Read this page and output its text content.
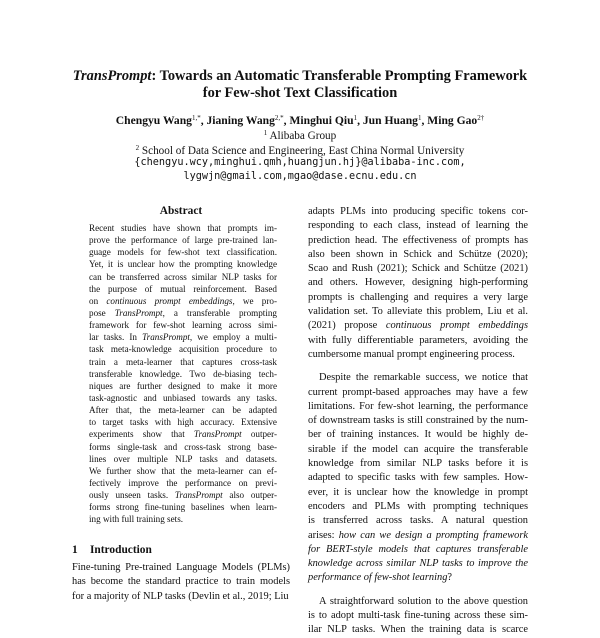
TransPrompt: Towards an Automatic Transferable Prompting Framework
for Few-shot Text Classification
Chengyu Wang$^{1,*}$, Jianing Wang$^{2,*}$, Minghui Qiu$^1$, Jun Huang$^1$, Ming Gao$^{2\dagger}$
$^1$ Alibaba Group
$^2$ School of Data Science and Engineering, East China Normal University
{chengyu.wcy,minghui.qmh,huangjun.hj}@alibaba-inc.com,
lygwjn@gmail.com,mgao@dase.ecnu.edu.cn

Abstract

Recent studies have shown that prompts im-
prove the performance of large pre-trained lan-
guage models for few-shot text classification.
Yet, it is unclear how the prompting knowledge
can be transferred across similar NLP tasks for
the purpose of mutual reinforcement. Based
on continuous prompt embeddings, we pro-
pose TransPrompt, a transferable prompting
framework for few-shot learning across simi-
lar tasks. In TransPrompt, we employ a multi-
task meta-knowledge acquisition procedure to
train a meta-learner that captures cross-task
transferable knowledge. Two de-biasing tech-
niques are further designed to make it more
task-agnostic and unbiased towards any tasks.
After that, the meta-learner can be adapted
to target tasks with high accuracy. Extensive
experiments show that TransPrompt outper-
forms single-task and cross-task strong base-
lines over multiple NLP tasks and datasets.
We further show that the meta-learner can ef-
fectively improve the performance on previ-
ously unseen tasks. TransPrompt also outper-
forms strong fine-tuning baselines when learn-
ing with full training sets.
1 Introduction
Fine-tuning Pre-trained Language Models (PLMs)
has become the standard practice to train models
for a majority of NLP tasks (Devlin et al., 2019; Liu
adapts PLMs into producing specific tokens cor-
responding to each class, instead of learning the
prediction head. The effectiveness of prompts has
also been shown in Schick and Schütze (2020);
Scao and Rush (2021); Schick and Schütze (2021)
and others. However, designing high-performing
prompts is challenging and requires a very large
validation set. To alleviate this problem, Liu et al.
(2021) propose continuous prompt embeddings
with fully differentiable parameters, avoiding the
cumbersome manual prompt engineering process.
Despite the remarkable success, we notice that
current prompt-based approaches may have a few
limitations. For few-shot learning, the performance
of downstream tasks is still constrained by the num-
ber of training instances. It would be highly de-
sirable if the model can acquire the transferable
knowledge from similar NLP tasks before it is
adapted to specific tasks with few samples. How-
ever, it is unclear how the knowledge in prompt
encoders and PLMs with prompting techniques
is transferred across tasks. A natural question
arises: how can we design a prompting framework
for BERT-style models that captures transferable
knowledge across similar NLP tasks to improve the
performance of few-shot learning?
A straightforward solution to the above question
is to adopt multi-task fine-tuning across these sim-
ilar NLP tasks. When the training data is scarce
